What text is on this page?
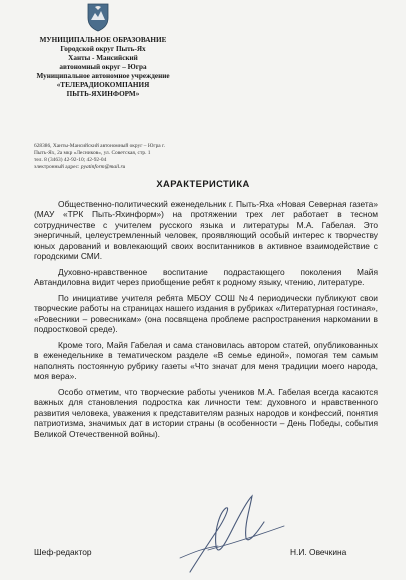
МУНИЦИПАЛЬНОЕ ОБРАЗОВАНИЕ
Городской округ Пыть-Ях
Ханты - Мансийский
автономный округ – Югра
Муниципальное автономное учреждение
«ТЕЛЕРАДИОКОМПАНИЯ
ПЫТЬ-ЯХИНФОРМ»
628386, Ханты-Мансийский автономный округ – Югра г.
Пыть-Ях, 2а мкр «Лесников», ул. Советская, стр. 1
тел. 8 (3463) 42-92-10; 42-92-04
электронный адрес: pyatinform@mail.ru
ХАРАКТЕРИСТИКА

Общественно-политический еженедельник г. Пыть-Яха «Новая Северная газета» (МАУ «ТРК Пыть-Яхинформ») на протяжении трех лет работает в тесном сотрудничестве с учителем русского языка и литературы М.А. Габелая. Это энергичный, целеустремленный человек, проявляющий особый интерес к творчеству юных дарований и вовлекающий своих воспитанников в активное взаимодействие с городскими СМИ.

Духовно-нравственное воспитание подрастающего поколения Майя Автандиловна видит через приобщение ребят к родному языку, чтению, литературе.

По инициативе учителя ребята МБОУ СОШ №4 периодически публикуют свои творческие работы на страницах нашего издания в рубриках «Литературная гостиная», «Ровесники – ровесникам» (она посвящена проблеме распространения наркомании в подростковой среде).

Кроме того, Майя Габелая и сама становилась автором статей, опубликованных в еженедельнике в тематическом разделе «В семье единой», помогая тем самым наполнять постоянную рубрику газеты «Что значат для меня традиции моего народа, моя вера».

Особо отметим, что творческие работы учеников М.А. Габелая всегда касаются важных для становления подростка как личности тем: духовного и нравственного развития человека, уважения к представителям разных народов и конфессий, понятия патриотизма, значимых дат в истории страны (в особенности – День Победы, события Великой Отечественной войны).

Шеф-редактор	Н.И. Овечкина
